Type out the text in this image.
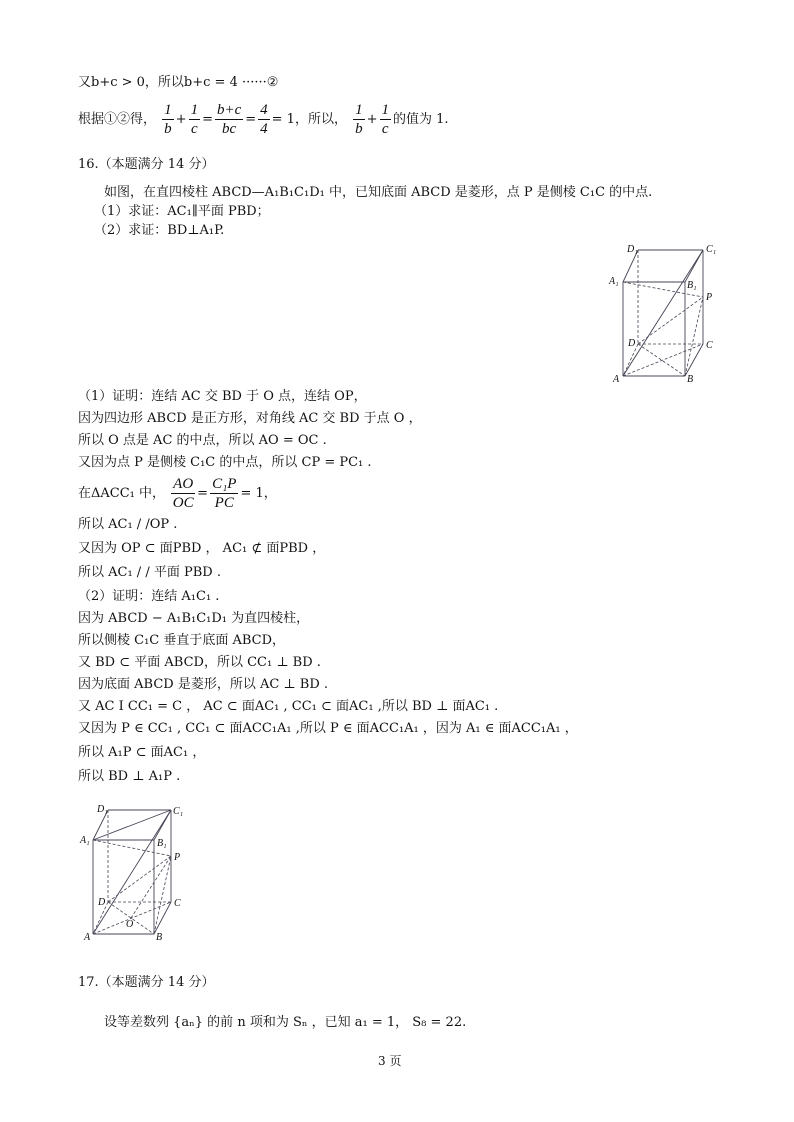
又b+c > 0，所以b+c = 4 ······②
根据①②得， $\frac{1}{b} + \frac{1}{c} = \frac{b+c}{bc} = \frac{4}{4} = 1$，所以， $\frac{1}{b} + \frac{1}{c}$ 的值为 1.
16.（本题满分 14 分）
如图，在直四棱柱 ABCD—A₁B₁C₁D₁ 中，已知底面 ABCD 是菱形，点 P 是侧棱 C₁C 的中点.
（1）求证：AC₁∥平面 PBD；
（2）求证：BD⊥A₁P.
D₁	C₁
A₁	B₁
P
D	C
A	B
（1）证明：连结 AC 交 BD 于 O 点，连结 OP，
因为四边形 ABCD 是正方形，对角线 AC 交 BD 于点 O ，
所以 O 点是 AC 的中点，所以 AO = OC .
又因为点 P 是侧棱 C₁C 的中点，所以 CP = PC₁ .
在ΔACC₁ 中， $\frac{AO}{OC} = \frac{\text{C₁P}}{PC} = 1$，
所以 AC₁ / /OP .
又因为 OP ⊂ 面PBD ， AC₁ ⊄ 面PBD ，
所以 AC₁ / / 平面 PBD .
（2）证明：连结 A₁C₁ .
因为 ABCD − A₁B₁C₁D₁ 为直四棱柱，
所以侧棱 C₁C 垂直于底面 ABCD，
又 BD ⊂ 平面 ABCD，所以 CC₁ ⊥ BD .
因为底面 ABCD 是菱形，所以 AC ⊥ BD .
又 AC I CC₁ = C ， AC ⊂ 面AC₁ , CC₁ ⊂ 面AC₁ ,所以 BD ⊥ 面AC₁ .
又因为 P ∈ CC₁ , CC₁ ⊂ 面ACC₁A₁ ,所以 P ∈ 面ACC₁A₁ ，因为 A₁ ∈ 面ACC₁A₁ ，
所以 A₁P ⊂ 面AC₁ ，
所以 BD ⊥ A₁P .
D₁	C₁
A₁	B₁
P
D	C
O
A	B
17.（本题满分 14 分）
设等差数列 {aₙ} 的前 n 项和为 Sₙ ，已知 a₁ = 1， S₈ = 22.
3 页
